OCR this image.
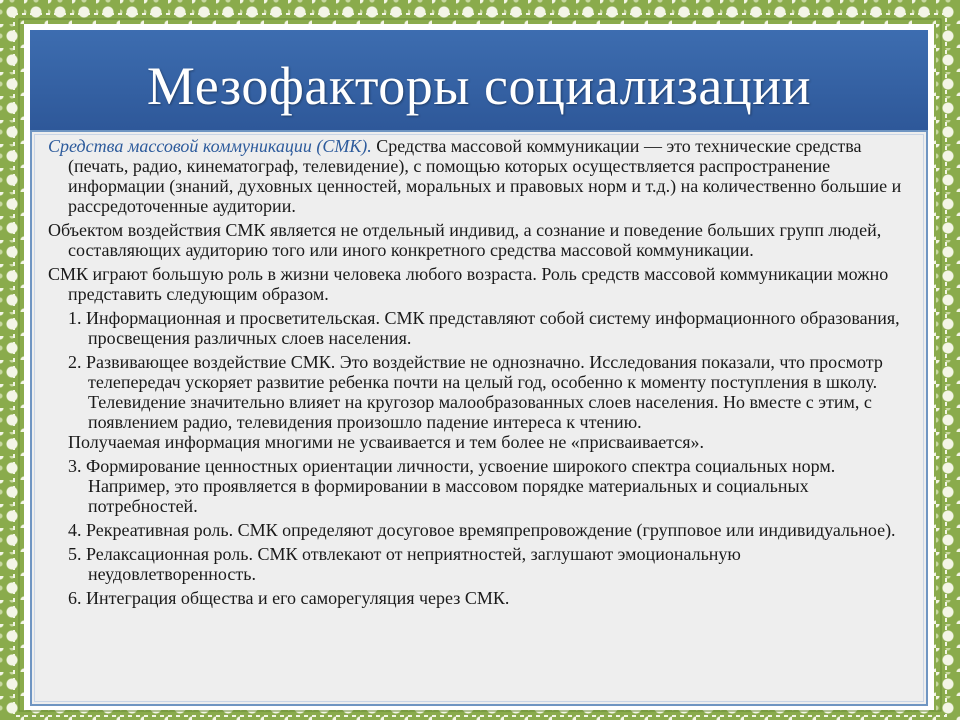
Мезофакторы социализации

Средства массовой коммуникации (СМК). Средства массовой коммуникации — это технические средства (печать, радио, кинематограф, телевидение), с помощью которых осуществляется распространение информации (знаний, духовных ценностей, моральных и правовых норм и т.д.) на количественно большие и рассредоточенные аудитории.

Объектом воздействия СМК является не отдельный индивид, а сознание и поведение больших групп людей, составляющих аудиторию того или иного конкретного средства массовой коммуникации.

СМК играют большую роль в жизни человека любого возраста. Роль средств массовой коммуникации можно представить следующим образом.

1. Информационная и просветительская. СМК представляют собой систему информационного образования, просвещения различных слоев населения.

2. Развивающее воздействие СМК. Это воздействие не однозначно. Исследования показали, что просмотр телепередач ускоряет развитие ребенка почти на целый год, особенно к моменту поступления в школу. Телевидение значительно влияет на кругозор малообразованных слоев населения. Но вместе с этим, с появлением радио, телевидения произошло падение интереса к чтению.
Получаемая информация многими не усваивается и тем более не «присваивается».

3. Формирование ценностных ориентации личности, усвоение широкого спектра социальных норм. Например, это проявляется в формировании в массовом порядке материальных и социальных потребностей.

4. Рекреативная роль. СМК определяют досуговое времяпрепровождение (групповое или индивидуальное).

5. Релаксационная роль. СМК отвлекают от неприятностей, заглушают эмоциональную неудовлетворенность.

6. Интеграция общества и его саморегуляция через СМК.
